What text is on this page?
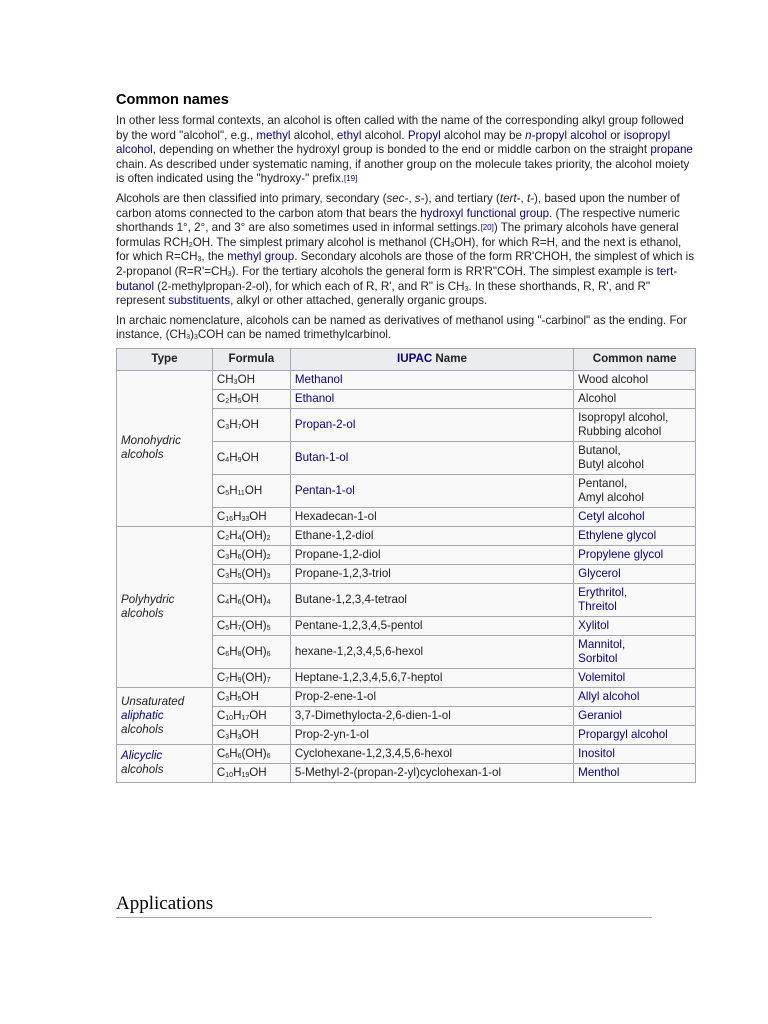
Common names

In other less formal contexts, an alcohol is often called with the name of the corresponding alkyl group followed by the word "alcohol", e.g., methyl alcohol, ethyl alcohol. Propyl alcohol may be n-propyl alcohol or isopropyl alcohol, depending on whether the hydroxyl group is bonded to the end or middle carbon on the straight propane chain. As described under systematic naming, if another group on the molecule takes priority, the alcohol moiety is often indicated using the "hydroxy-" prefix.[19]

Alcohols are then classified into primary, secondary (sec-, s-), and tertiary (tert-, t-), based upon the number of carbon atoms connected to the carbon atom that bears the hydroxyl functional group. (The respective numeric shorthands 1°, 2°, and 3° are also sometimes used in informal settings.[20]) The primary alcohols have general formulas $RCH_2OH$. The simplest primary alcohol is methanol $(CH_3OH)$, for which R=H, and the next is ethanol, for which $R=CH_3$, the methyl group. Secondary alcohols are those of the form RR'CHOH, the simplest of which is 2-propanol $(R=R'=CH_3)$. For the tertiary alcohols the general form is RR'R"COH. The simplest example is tert-butanol (2-methylpropan-2-ol), for which each of R, R', and R" is $CH_3$. In these shorthands, R, R', and R" represent substituents, alkyl or other attached, generally organic groups.

In archaic nomenclature, alcohols can be named as derivatives of methanol using "-carbinol" as the ending. For instance, $(CH_3)_3COH$ can be named trimethylcarbinol.

Type	Formula	IUPAC Name	Common name
Monohydric alcohols	$CH_3OH$	Methanol	Wood alcohol
	$C_2H_5OH$	Ethanol	Alcohol
	$C_3H_7OH$	Propan-2-ol	Isopropyl alcohol,
Rubbing alcohol
	$C_4H_9OH$	Butan-1-ol	Butanol,
Butyl alcohol
	$C_5H_{11}OH$	Pentan-1-ol	Pentanol,
Amyl alcohol
	$C_{16}H_{33}OH$	Hexadecan-1-ol	Cetyl alcohol
Polyhydric alcohols	$C_2H_4(OH)_2$	Ethane-1,2-diol	Ethylene glycol
	$C_3H_6(OH)_2$	Propane-1,2-diol	Propylene glycol
	$C_3H_5(OH)_3$	Propane-1,2,3-triol	Glycerol
	$C_4H_6(OH)_4$	Butane-1,2,3,4-tetraol	Erythritol,
Threitol
	$C_5H_7(OH)_5$	Pentane-1,2,3,4,5-pentol	Xylitol
	$C_6H_8(OH)_6$	hexane-1,2,3,4,5,6-hexol	Mannitol,
Sorbitol
	$C_7H_9(OH)_7$	Heptane-1,2,3,4,5,6,7-heptol	Volemitol
Unsaturated aliphatic alcohols	$C_3H_5OH$	Prop-2-ene-1-ol	Allyl alcohol
	$C_{10}H_{17}OH$	3,7-Dimethylocta-2,6-dien-1-ol	Geraniol
	$C_3H_3OH$	Prop-2-yn-1-ol	Propargyl alcohol
Alicyclic alcohols	$C_6H_6(OH)_6$	Cyclohexane-1,2,3,4,5,6-hexol	Inositol
	$C_{10}H_{19}OH$	5-Methyl-2-(propan-2-yl)cyclohexan-1-ol	Menthol
Applications
